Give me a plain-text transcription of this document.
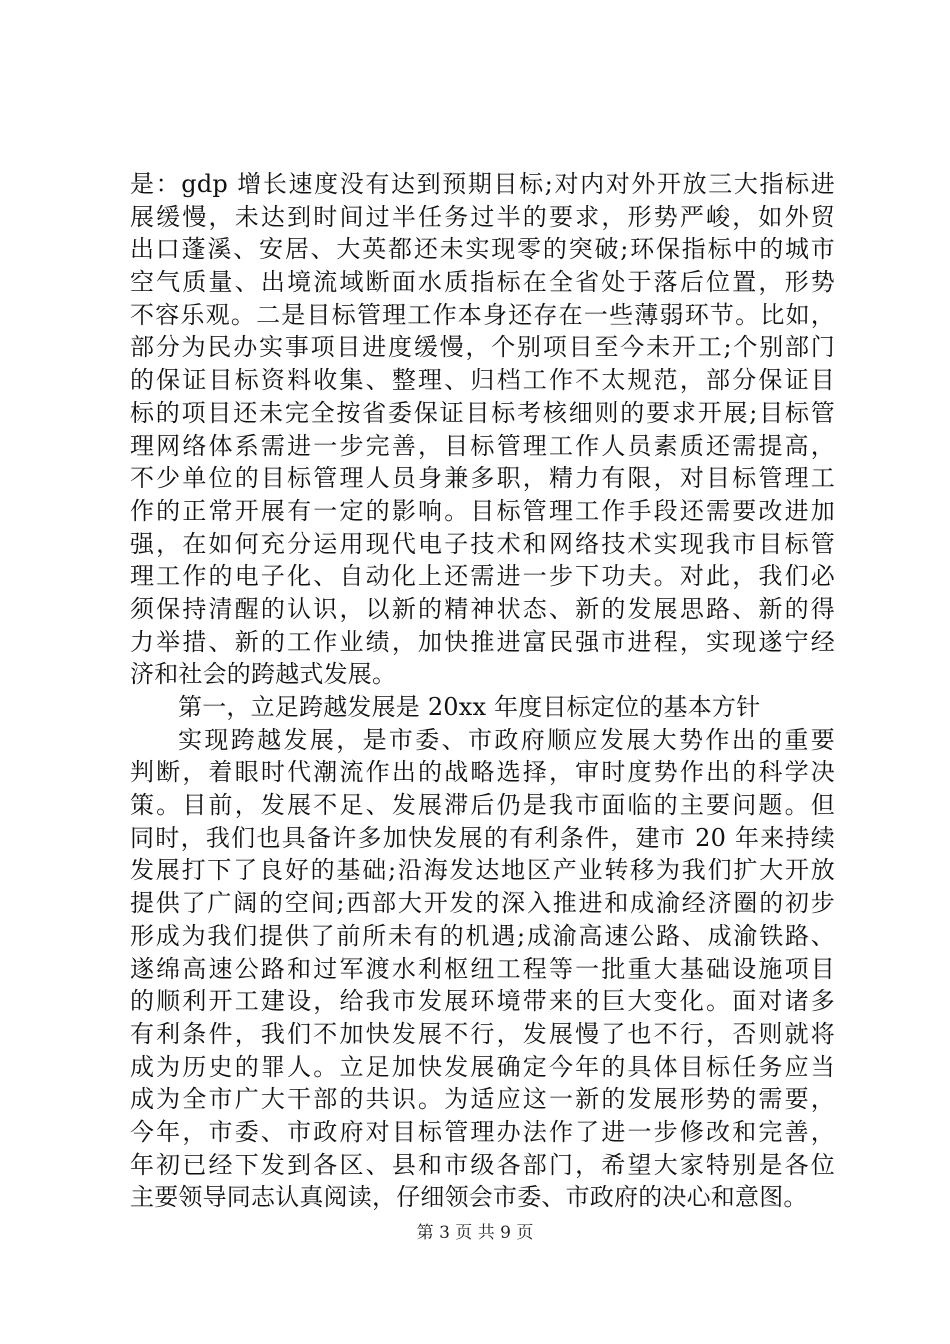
是：gdp 增长速度没有达到预期目标;对内对外开放三大指标进
展缓慢，未达到时间过半任务过半的要求，形势严峻，如外贸
出口蓬溪、安居、大英都还未实现零的突破;环保指标中的城市
空气质量、出境流域断面水质指标在全省处于落后位置，形势
不容乐观。二是目标管理工作本身还存在一些薄弱环节。比如，
部分为民办实事项目进度缓慢，个别项目至今未开工;个别部门
的保证目标资料收集、整理、归档工作不太规范，部分保证目
标的项目还未完全按省委保证目标考核细则的要求开展;目标管
理网络体系需进一步完善，目标管理工作人员素质还需提高，
不少单位的目标管理人员身兼多职，精力有限，对目标管理工
作的正常开展有一定的影响。目标管理工作手段还需要改进加
强，在如何充分运用现代电子技术和网络技术实现我市目标管
理工作的电子化、自动化上还需进一步下功夫。对此，我们必
须保持清醒的认识，以新的精神状态、新的发展思路、新的得
力举措、新的工作业绩，加快推进富民强市进程，实现遂宁经
济和社会的跨越式发展。
第一，立足跨越发展是 20xx 年度目标定位的基本方针
实现跨越发展，是市委、市政府顺应发展大势作出的重要
判断，着眼时代潮流作出的战略选择，审时度势作出的科学决
策。目前，发展不足、发展滞后仍是我市面临的主要问题。但
同时，我们也具备许多加快发展的有利条件，建市 20 年来持续
发展打下了良好的基础;沿海发达地区产业转移为我们扩大开放
提供了广阔的空间;西部大开发的深入推进和成渝经济圈的初步
形成为我们提供了前所未有的机遇;成渝高速公路、成渝铁路、
遂绵高速公路和过军渡水利枢纽工程等一批重大基础设施项目
的顺利开工建设，给我市发展环境带来的巨大变化。面对诸多
有利条件，我们不加快发展不行，发展慢了也不行，否则就将
成为历史的罪人。立足加快发展确定今年的具体目标任务应当
成为全市广大干部的共识。为适应这一新的发展形势的需要，
今年，市委、市政府对目标管理办法作了进一步修改和完善，
年初已经下发到各区、县和市级各部门，希望大家特别是各位
主要领导同志认真阅读，仔细领会市委、市政府的决心和意图。
第 3 页 共 9 页
